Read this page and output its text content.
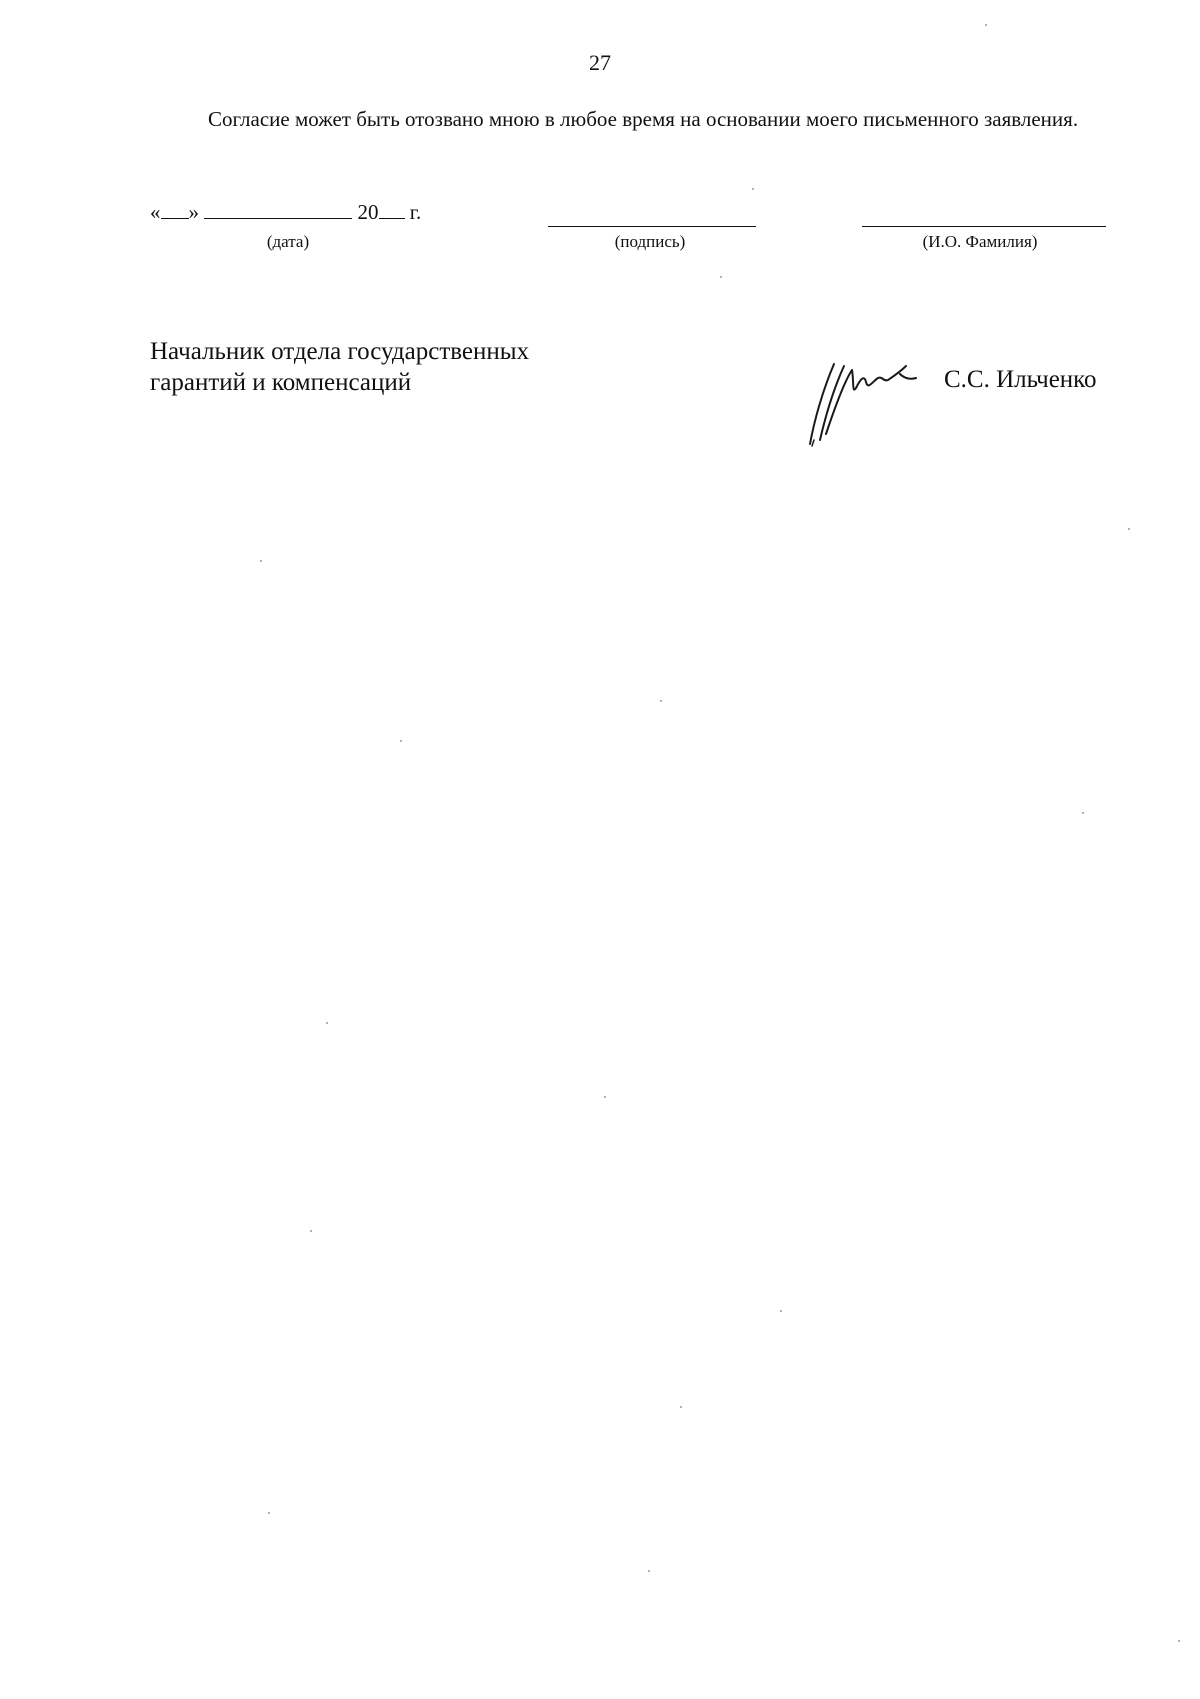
27
Согласие может быть отозвано мною в любое время на основании моего письменного заявления.
« »	20 г.
(дата)	(подпись)	(И.О. Фамилия)
Начальник отдела государственных
гарантий и компенсаций	С.С. Ильченко
